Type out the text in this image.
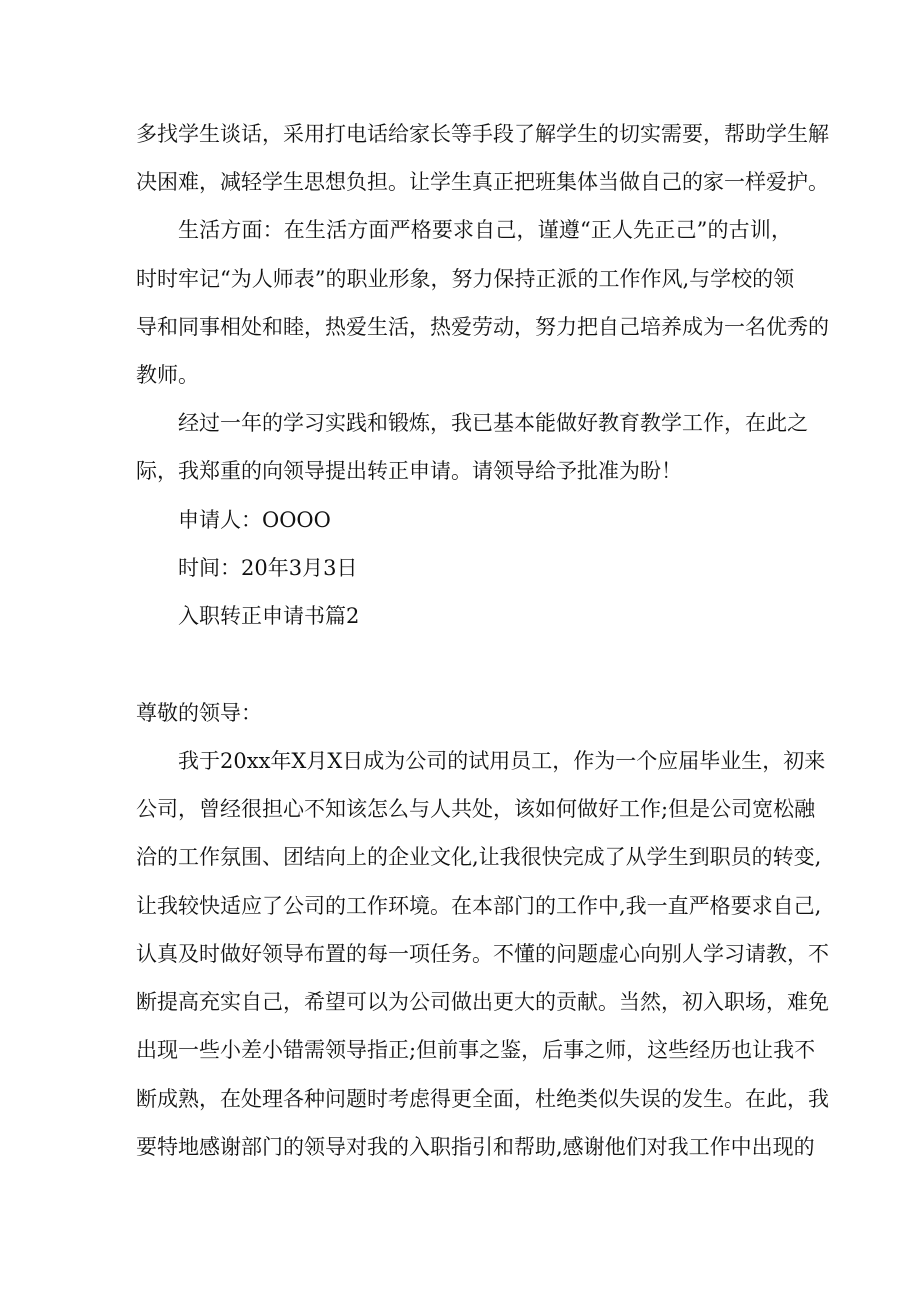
多找学生谈话，采用打电话给家长等手段了解学生的切实需要，帮助学生解
决困难，减轻学生思想负担。让学生真正把班集体当做自己的家一样爱护。
生活方面：在生活方面严格要求自己，谨遵“正人先正己”的古训，
时时牢记“为人师表”的职业形象，努力保持正派的工作作风,与学校的领
导和同事相处和睦，热爱生活，热爱劳动，努力把自己培养成为一名优秀的
教师。
经过一年的学习实践和锻炼，我已基本能做好教育教学工作，在此之
际，我郑重的向领导提出转正申请。请领导给予批准为盼！
申请人：OOOO
时间：20年3月3日
入职转正申请书篇2
尊敬的领导：
我于20xx年X月X日成为公司的试用员工，作为一个应届毕业生，初来
公司，曾经很担心不知该怎么与人共处，该如何做好工作;但是公司宽松融
洽的工作氛围、团结向上的企业文化,让我很快完成了从学生到职员的转变,
让我较快适应了公司的工作环境。在本部门的工作中,我一直严格要求自己,
认真及时做好领导布置的每一项任务。不懂的问题虚心向别人学习请教，不
断提高充实自己，希望可以为公司做出更大的贡献。当然，初入职场，难免
出现一些小差小错需领导指正;但前事之鉴，后事之师，这些经历也让我不
断成熟，在处理各种问题时考虑得更全面，杜绝类似失误的发生。在此，我
要特地感谢部门的领导对我的入职指引和帮助,感谢他们对我工作中出现的
